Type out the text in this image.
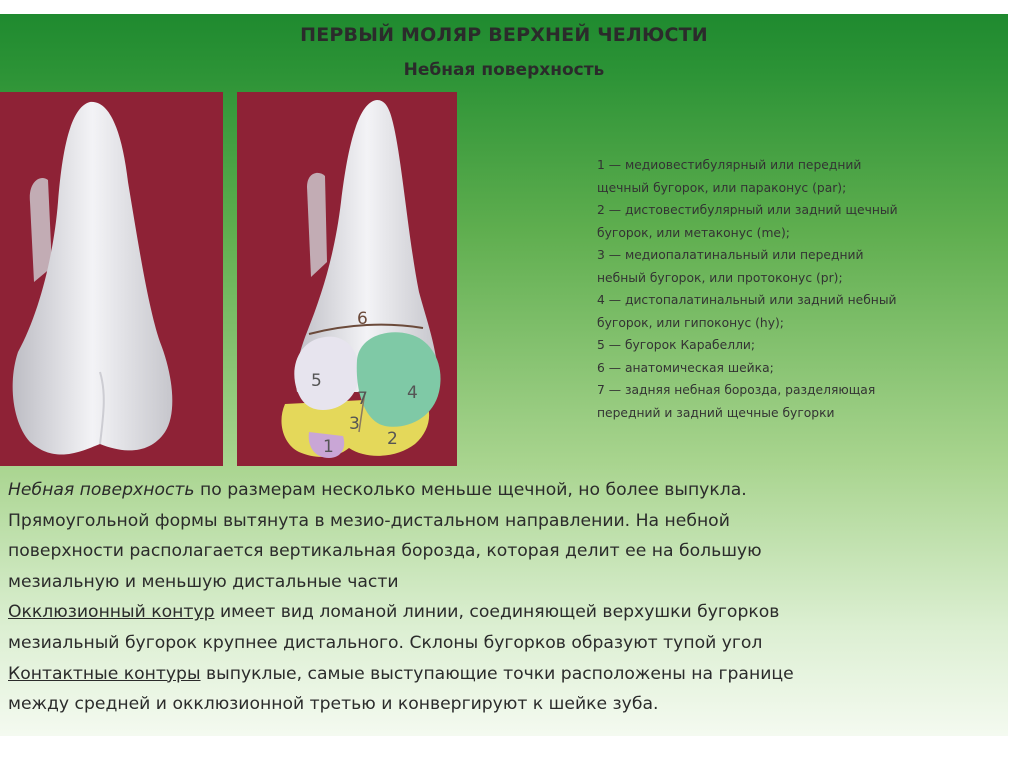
ПЕРВЫЙ МОЛЯР ВЕРХНЕЙ ЧЕЛЮСТИ
Небная поверхность
6
5
7 4
3
2
1
1 — медиовестибулярный или передний
щечный бугорок, или параконус (par);
2 — дистовестибулярный или задний щечный
бугорок, или метаконус (me);
3 — медиопалатинальный или передний
небный бугорок, или протоконус (pr);
4 — дистопалатинальный или задний небный
бугорок, или гипоконус (hy);
5 — бугорок Карабелли;
6 — анатомическая шейка;
7 — задняя небная борозда, разделяющая
передний и задний щечные бугорки

Небная поверхность по размерам несколько меньше щечной, но более выпукла.

Прямоугольной формы вытянута в мезио-дистальном направлении. На небной

поверхности располагается вертикальная борозда, которая делит ее на большую

мезиальную и меньшую дистальные части

Окклюзионный контур имеет вид ломаной линии, соединяющей верхушки бугорков

мезиальный бугорок крупнее дистального. Склоны бугорков образуют тупой угол

Контактные контуры выпуклые, самые выступающие точки расположены на границе

между средней и окклюзионной третью и конвергируют к шейке зуба.
